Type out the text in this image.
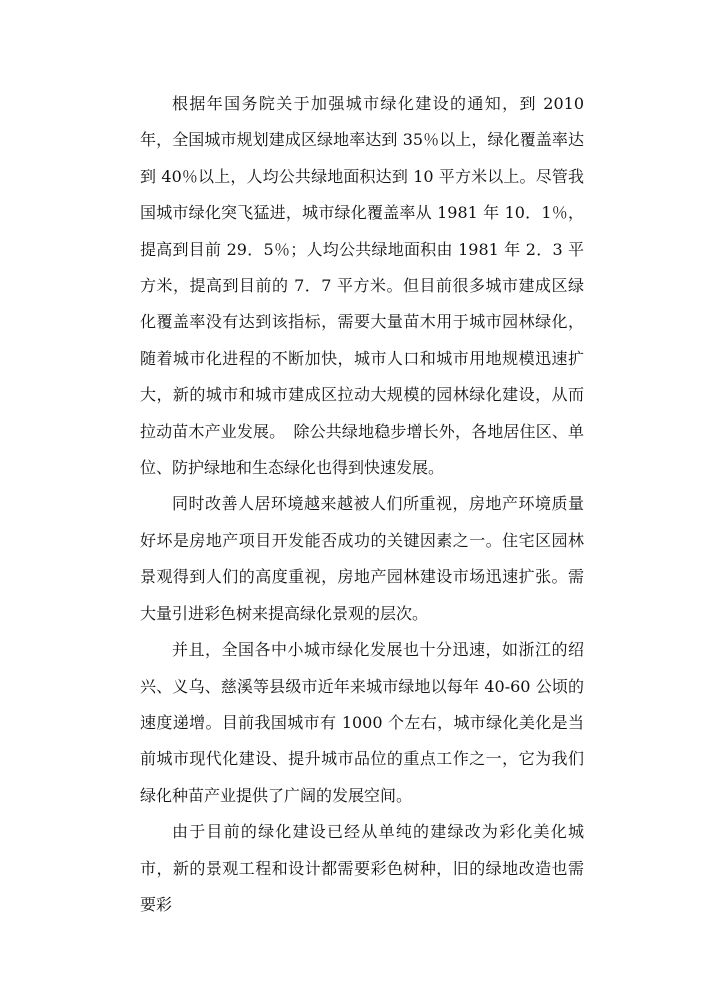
根据年国务院关于加强城市绿化建设的通知，到 2010 年，全国城市规划建成区绿地率达到 35％以上，绿化覆盖率达到 40％以上，人均公共绿地面积达到 10 平方米以上。尽管我国城市绿化突飞猛进，城市绿化覆盖率从 1981 年 10．1％，提高到目前 29．5％；人均公共绿地面积由 1981 年 2．3 平方米，提高到目前的 7．7 平方米。但目前很多城市建成区绿化覆盖率没有达到该指标，需要大量苗木用于城市园林绿化，随着城市化进程的不断加快，城市人口和城市用地规模迅速扩大，新的城市和城市建成区拉动大规模的园林绿化建设，从而拉动苗木产业发展。　除公共绿地稳步增长外，各地居住区、单位、防护绿地和生态绿化也得到快速发展。

同时改善人居环境越来越被人们所重视，房地产环境质量好坏是房地产项目开发能否成功的关键因素之一。住宅区园林景观得到人们的高度重视，房地产园林建设市场迅速扩张。需大量引进彩色树来提高绿化景观的层次。

并且，全国各中小城市绿化发展也十分迅速，如浙江的绍兴、义乌、慈溪等县级市近年来城市绿地以每年 40-60 公顷的速度递增。目前我国城市有 1000 个左右，城市绿化美化是当前城市现代化建设、提升城市品位的重点工作之一，它为我们绿化种苗产业提供了广阔的发展空间。

由于目前的绿化建设已经从单纯的建绿改为彩化美化城市，新的景观工程和设计都需要彩色树种，旧的绿地改造也需要彩
